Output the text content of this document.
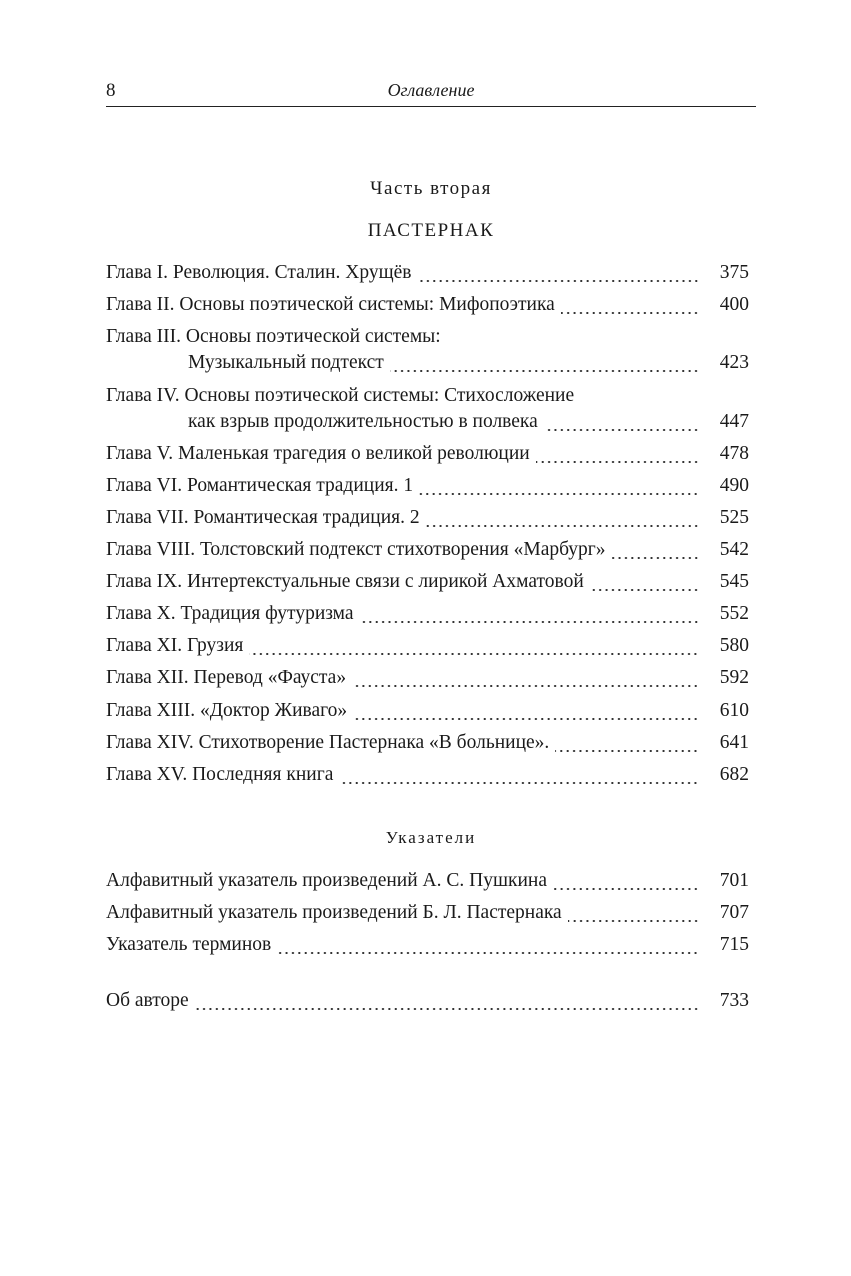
8	Оглавление
Часть вторая
ПАСТЕРНАК
Глава I. Революция. Сталин. Хрущёв	375
Глава II. Основы поэтической системы: Мифопоэтика	400
Глава III. Основы поэтической системы:
Музыкальный подтекст	423
Глава IV. Основы поэтической системы: Стихосложение
как взрыв продолжительностью в полвека	447
Глава V. Маленькая трагедия о великой революции	478
Глава VI. Романтическая традиция. 1	490
Глава VII. Романтическая традиция. 2	525
Глава VIII. Толстовский подтекст стихотворения «Марбург»	542
Глава IX. Интертекстуальные связи с лирикой Ахматовой	545
Глава X. Традиция футуризма	552
Глава XI. Грузия	580
Глава XII. Перевод «Фауста»	592
Глава XIII. «Доктор Живаго»	610
Глава XIV. Стихотворение Пастернака «В больнице».	641
Глава XV. Последняя книга	682
Указатели
Алфавитный указатель произведений А. С. Пушкина	701
Алфавитный указатель произведений Б. Л. Пастернака	707
Указатель терминов	715
Об авторе	733
